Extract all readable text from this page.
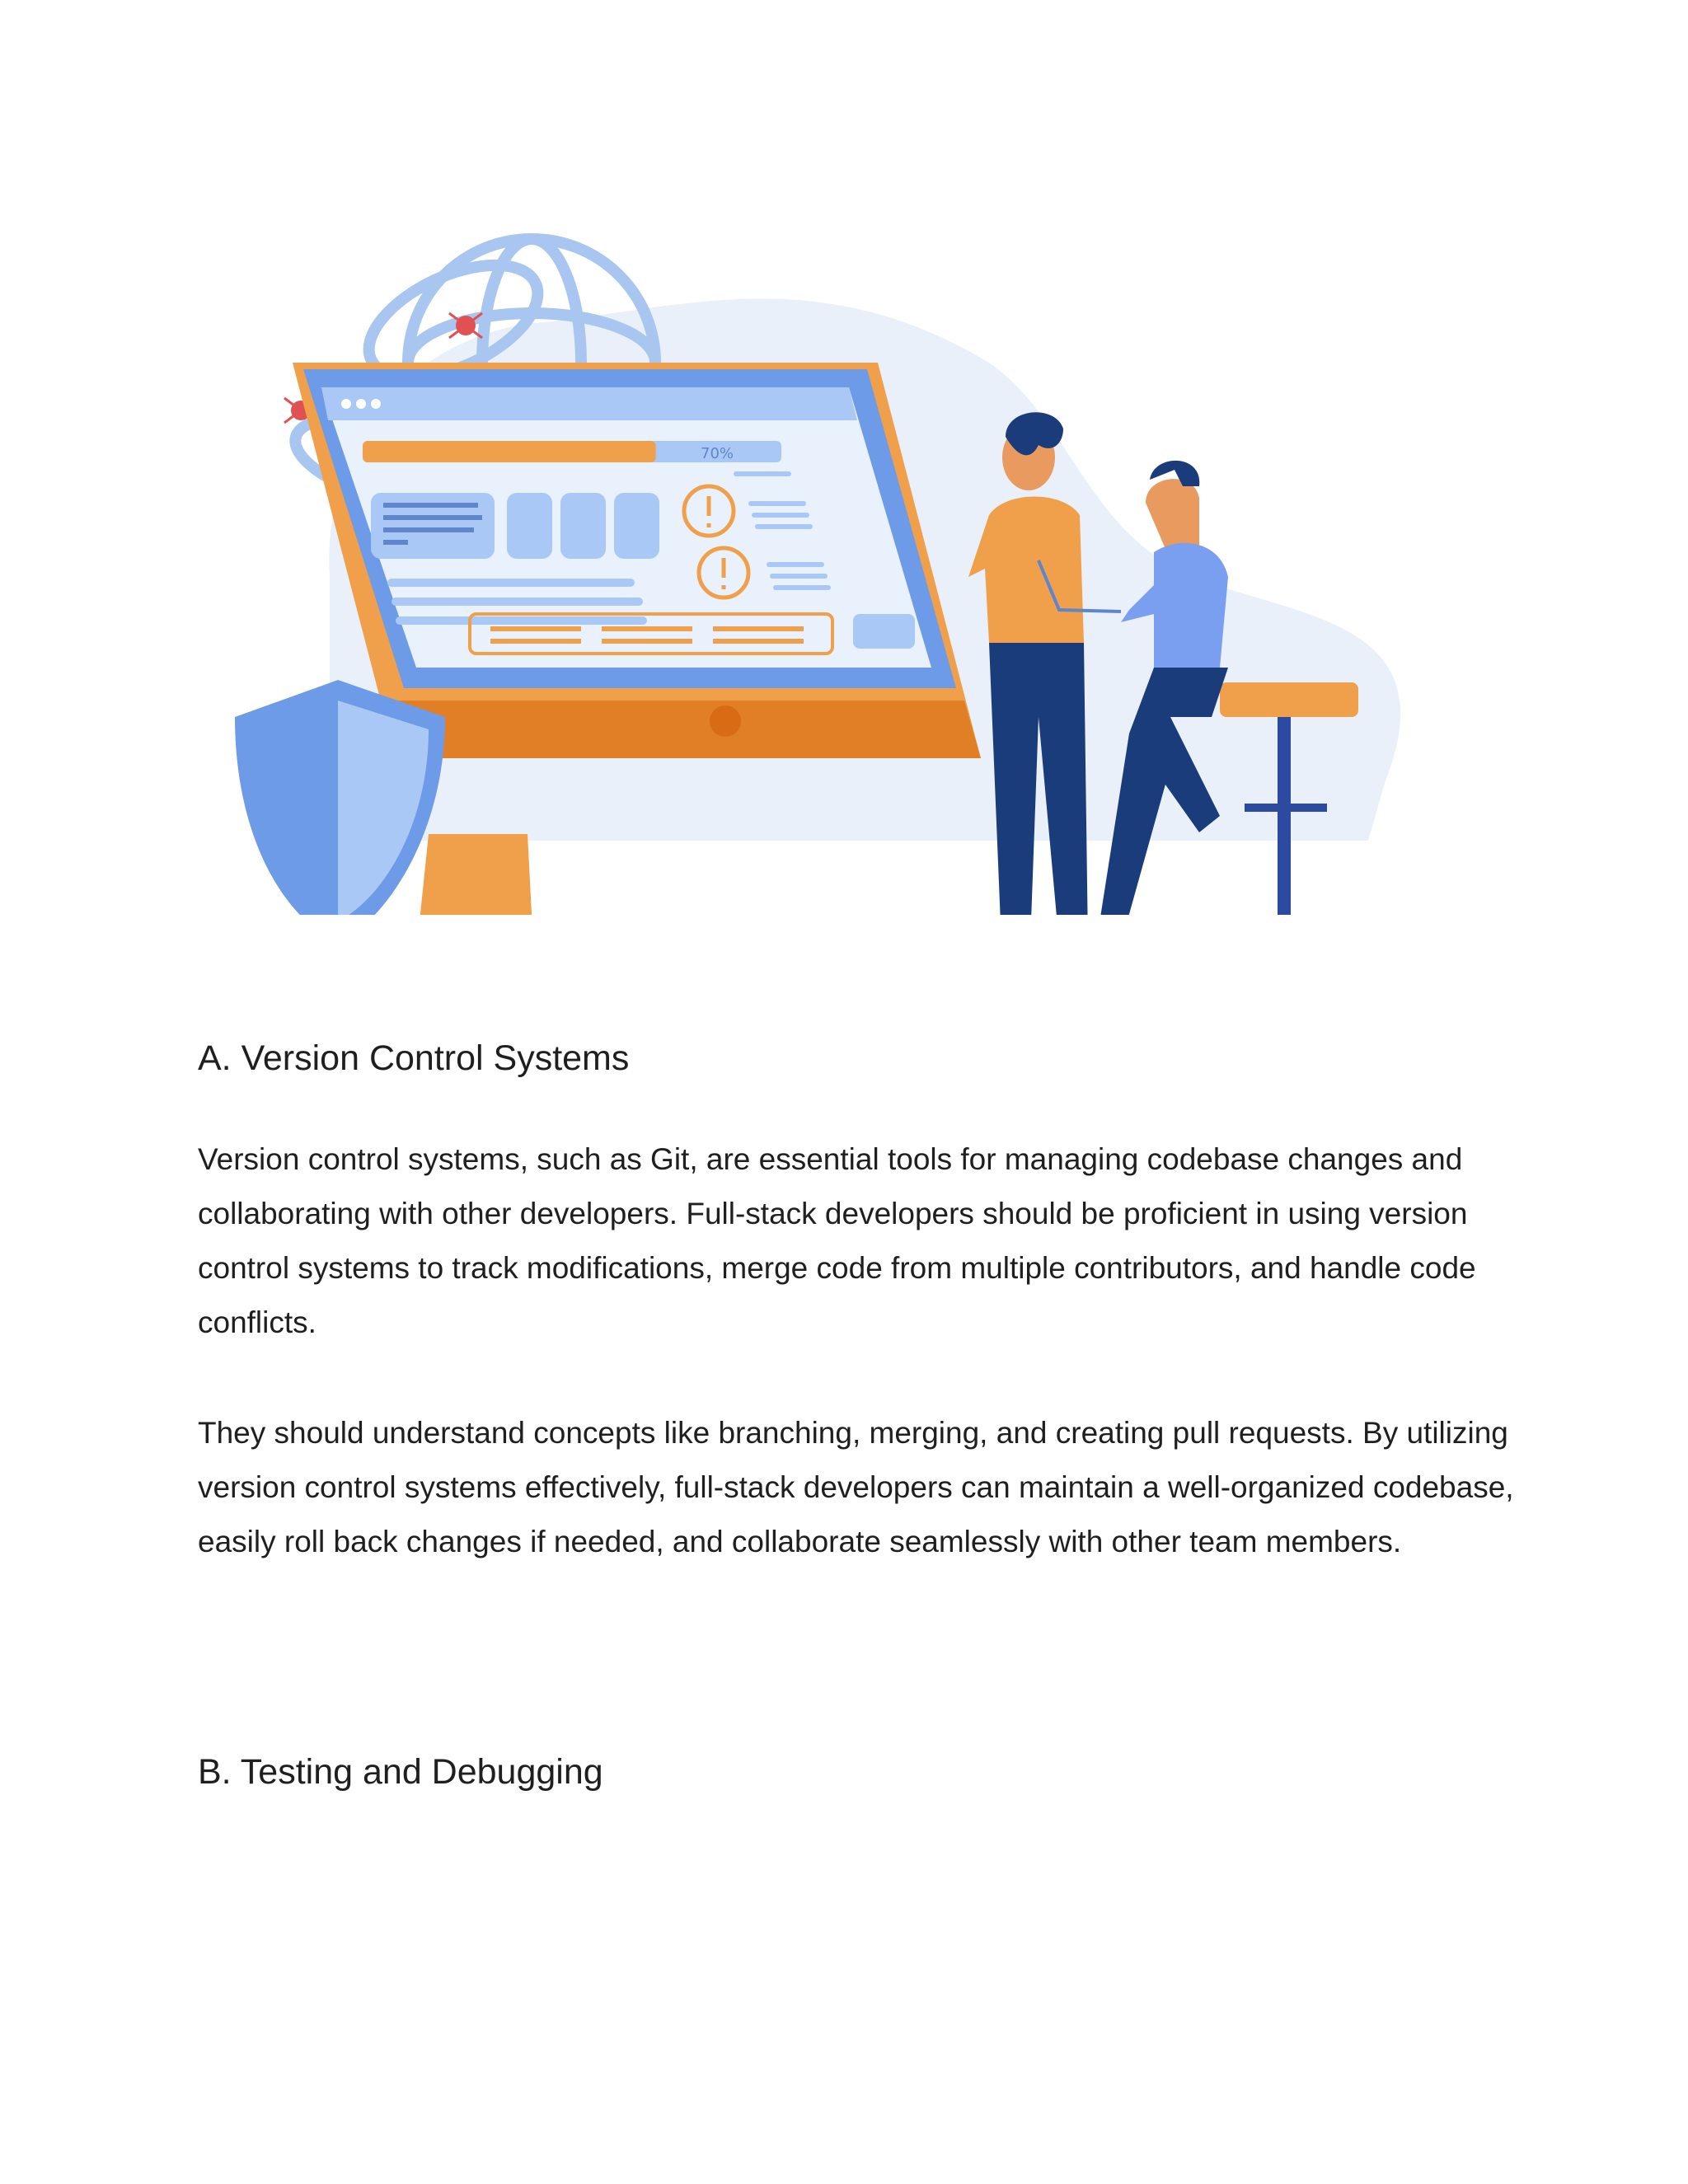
70%
A. Version Control Systems

Version control systems, such as Git, are essential tools for managing codebase changes and collaborating with other developers. Full-stack developers should be proficient in using version control systems to track modifications, merge code from multiple contributors, and handle code conflicts.

They should understand concepts like branching, merging, and creating pull requests. By utilizing version control systems effectively, full-stack developers can maintain a well-organized codebase, easily roll back changes if needed, and collaborate seamlessly with other team members.

B. Testing and Debugging
